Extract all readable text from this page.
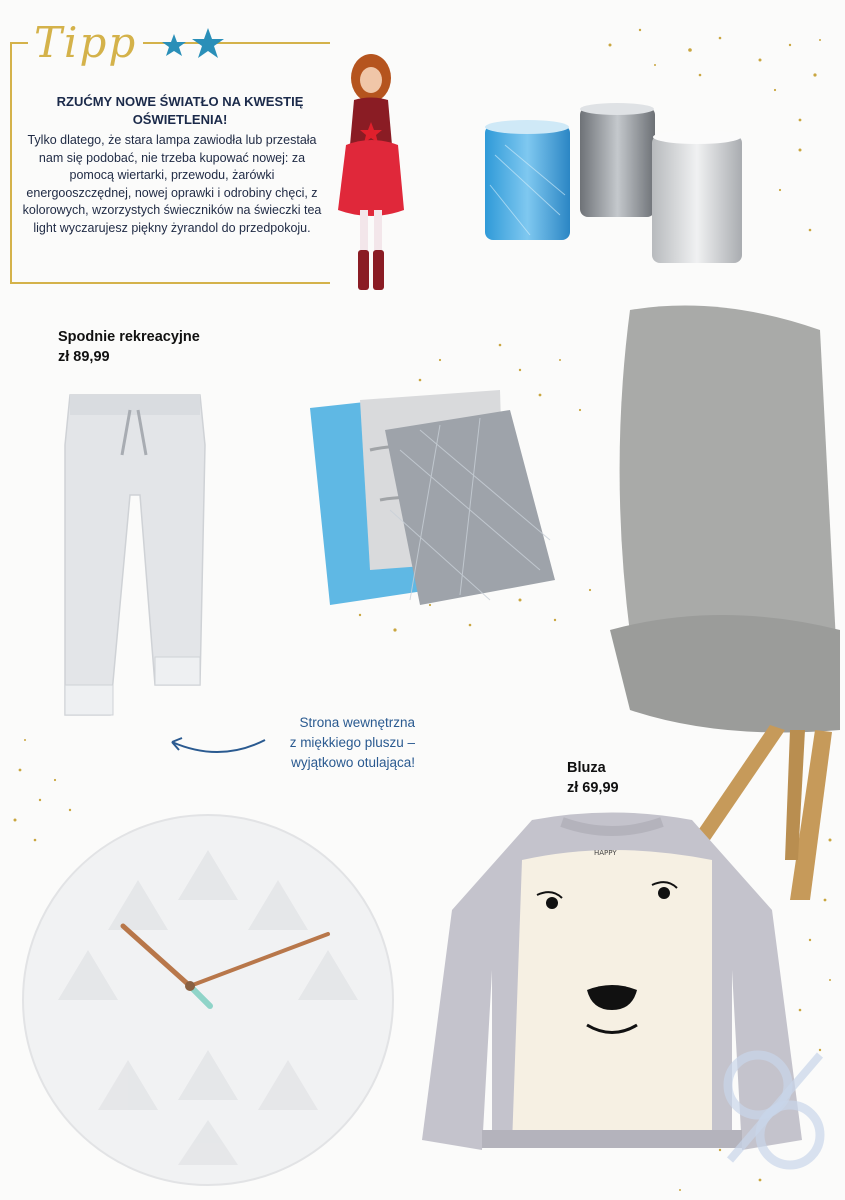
Tipp
RZUĆMY NOWE ŚWIATŁO NA KWESTIĘ OŚWIETLENIA!
Tylko dlatego, że stara lampa zawiodła lub przestała nam się podobać, nie trzeba kupować nowej: za pomocą wiertarki, przewodu, żarówki energooszczędnej, nowej oprawki i odrobiny chęci, z kolorowych, wzorzystych świeczników na świeczki tea light wyczarujesz piękny żyrandol do przedpokoju.
Spodnie rekreacyjne
zł 89,99
Strona wewnętrzna
z miękkiego pluszu –
wyjątkowo otulająca!	Bluza
zł 69,99
HAPPY
